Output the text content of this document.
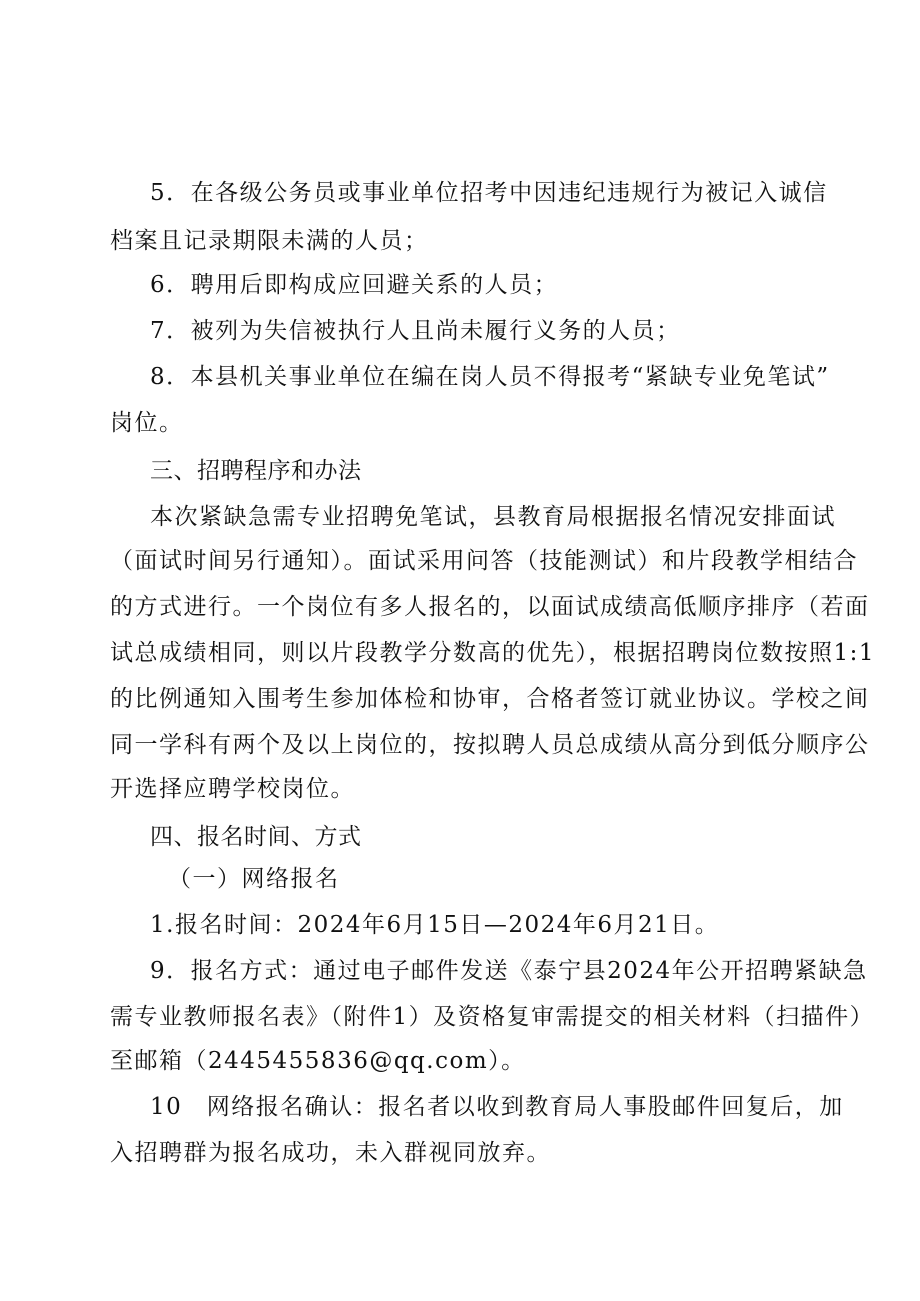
5．在各级公务员或事业单位招考中因违纪违规行为被记入诚信
档案且记录期限未满的人员；
6．聘用后即构成应回避关系的人员；
7．被列为失信被执行人且尚未履行义务的人员；
8．本县机关事业单位在编在岗人员不得报考“紧缺专业免笔试”
岗位。
三、招聘程序和办法
本次紧缺急需专业招聘免笔试，县教育局根据报名情况安排面试
（面试时间另行通知）。面试采用问答（技能测试）和片段教学相结合
的方式进行。一个岗位有多人报名的，以面试成绩高低顺序排序（若面
试总成绩相同，则以片段教学分数高的优先），根据招聘岗位数按照1:1
的比例通知入围考生参加体检和协审，合格者签订就业协议。学校之间
同一学科有两个及以上岗位的，按拟聘人员总成绩从高分到低分顺序公
开选择应聘学校岗位。
四、报名时间、方式
（一）网络报名
1.报名时间：2024年6月15日—2024年6月21日。
9．报名方式：通过电子邮件发送《泰宁县2024年公开招聘紧缺急
需专业教师报名表》（附件1）及资格复审需提交的相关材料（扫描件）
至邮箱（2445455836@qq.com）。
10　网络报名确认：报名者以收到教育局人事股邮件回复后，加
入招聘群为报名成功，未入群视同放弃。
